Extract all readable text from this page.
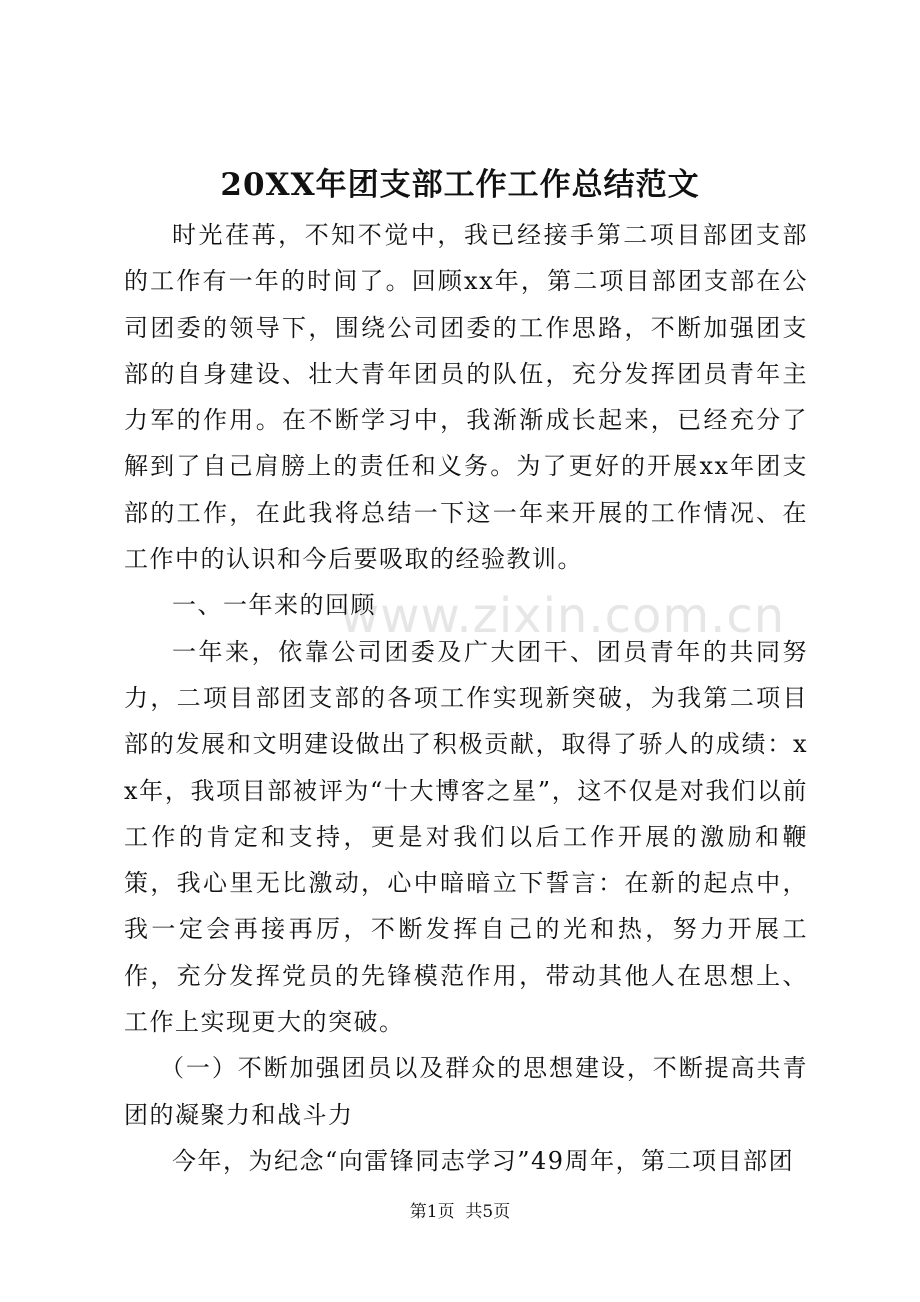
20XX年团支部工作工作总结范文
www.zixin.com.cn

时光荏苒，不知不觉中，我已经接手第二项目部团支部的工作有一年的时间了。回顾xx年，第二项目部团支部在公司团委的领导下，围绕公司团委的工作思路，不断加强团支部的自身建设、壮大青年团员的队伍，充分发挥团员青年主力军的作用。在不断学习中，我渐渐成长起来，已经充分了解到了自己肩膀上的责任和义务。为了更好的开展xx年团支部的工作，在此我将总结一下这一年来开展的工作情况、在工作中的认识和今后要吸取的经验教训。

一、一年来的回顾

一年来，依靠公司团委及广大团干、团员青年的共同努力，二项目部团支部的各项工作实现新突破，为我第二项目部的发展和文明建设做出了积极贡献，取得了骄人的成绩：xx年，我项目部被评为“十大博客之星”，这不仅是对我们以前工作的肯定和支持，更是对我们以后工作开展的激励和鞭策，我心里无比激动，心中暗暗立下誓言：在新的起点中，我一定会再接再厉，不断发挥自己的光和热，努力开展工作，充分发挥党员的先锋模范作用，带动其他人在思想上、工作上实现更大的突破。

（一）不断加强团员以及群众的思想建设，不断提高共青团的凝聚力和战斗力

今年，为纪念“向雷锋同志学习”49周年，第二项目部团

第1页 共5页
